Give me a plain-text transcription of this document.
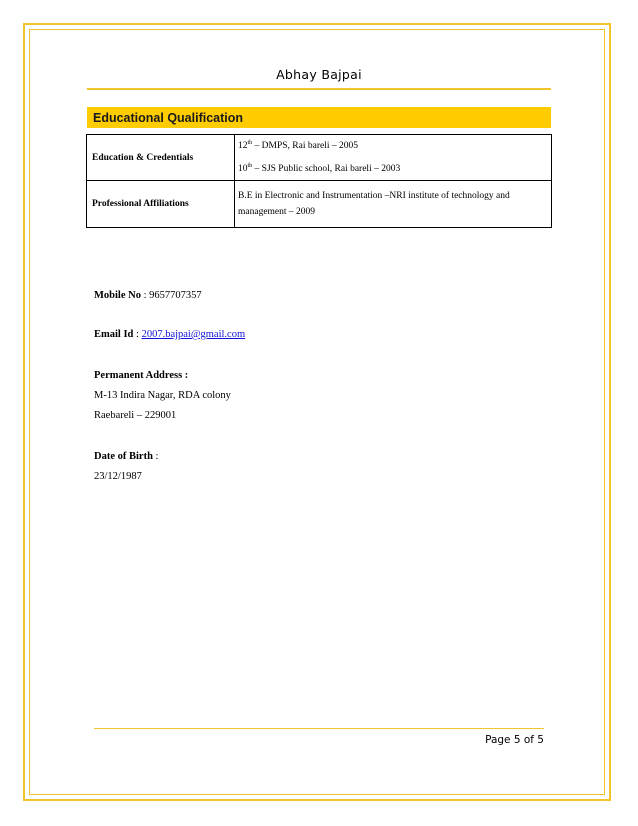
Abhay Bajpai
Educational Qualification
Education & Credentials	12th – DMPS, Rai bareli – 2005
10th – SJS Public school, Rai bareli – 2003

Professional Affiliations	B.E in Electronic and Instrumentation –NRI institute of technology and
management – 2009
Mobile No : 9657707357
Email Id : 2007.bajpai@gmail.com
Permanent Address :
M-13 Indira Nagar, RDA colony
Raebareli – 229001
Date of Birth :
23/12/1987
Page 5 of 5
